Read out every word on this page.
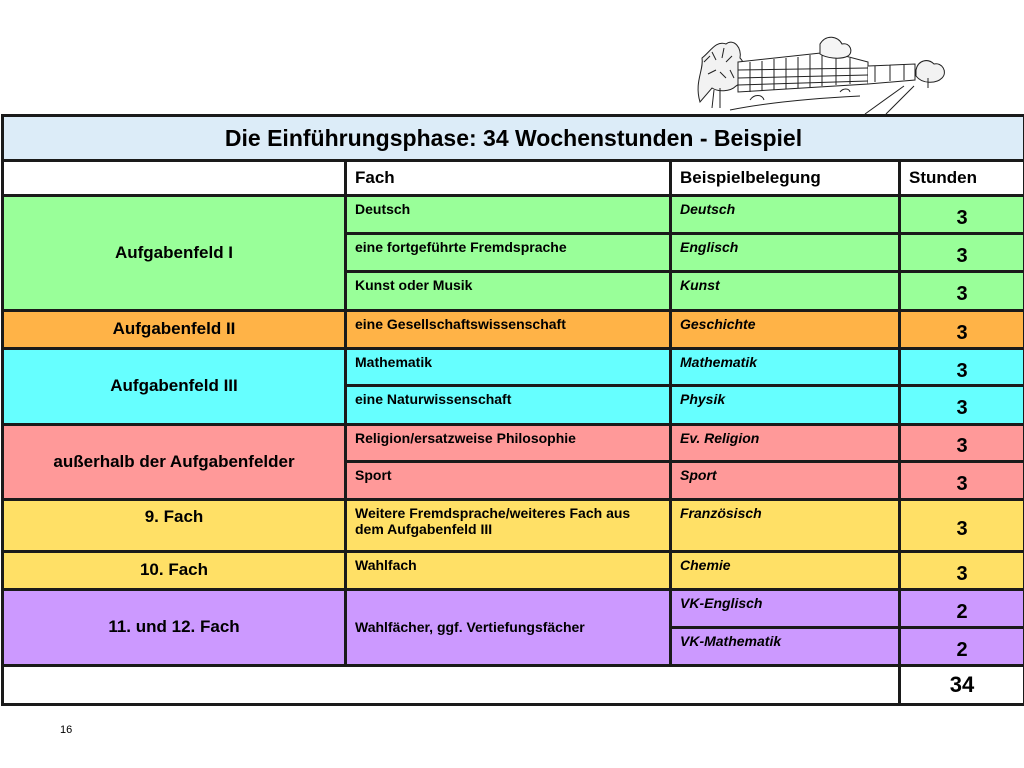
Die Einführungsphase: 34 Wochenstunden - Beispiel			
	Fach	Beispielbelegung	Stunden
Aufgabenfeld I	Deutsch	Deutsch	3
	eine fortgeführte Fremdsprache	Englisch	3
	Kunst oder Musik	Kunst	3
Aufgabenfeld II	eine Gesellschaftswissenschaft	Geschichte	3
Aufgabenfeld III	Mathematik	Mathematik	3
	eine Naturwissenschaft	Physik	3
außerhalb der Aufgabenfelder	Religion/ersatzweise Philosophie	Ev. Religion	3
	Sport	Sport	3
9. Fach	Weitere Fremdsprache/weiteres Fach aus dem Aufgabenfeld III	Französisch	3
10. Fach	Wahlfach	Chemie	3
11. und 12. Fach	Wahlfächer, ggf. Vertiefungsfächer	VK-Englisch	2
		VK-Mathematik	2
			34
16
